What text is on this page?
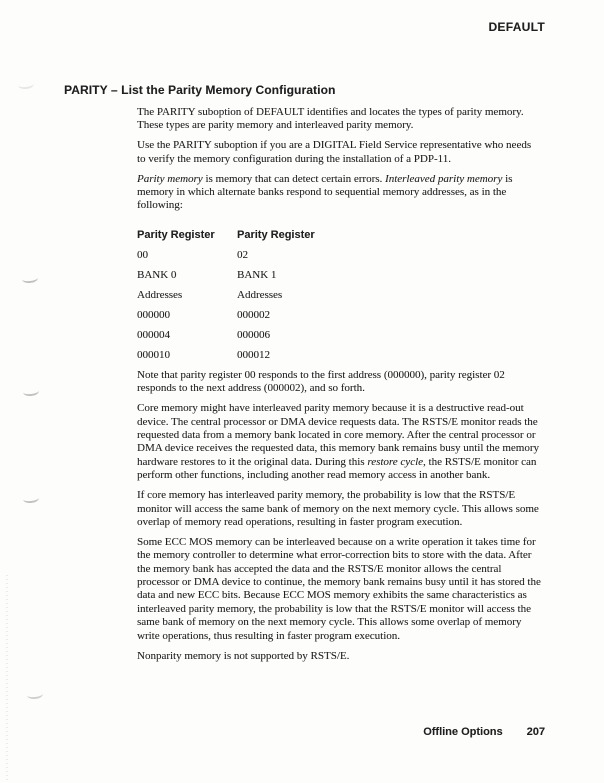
DEFAULT
PARITY – List the Parity Memory Configuration

The PARITY suboption of DEFAULT identifies and locates the types of parity memory. These types are parity memory and interleaved parity memory.

Use the PARITY suboption if you are a DIGITAL Field Service representative who needs to verify the memory configuration during the installation of a PDP-11.

Parity memory is memory that can detect certain errors. Interleaved parity memory is memory in which alternate banks respond to sequential memory addresses, as in the following:

Parity Register	Parity Register
00	02
BANK 0	BANK 1
Addresses	Addresses
000000	000002
000004	000006
000010	000012

Note that parity register 00 responds to the first address (000000), parity register 02 responds to the next address (000002), and so forth.

Core memory might have interleaved parity memory because it is a destructive read-out device. The central processor or DMA device requests data. The RSTS/E monitor reads the requested data from a memory bank located in core memory. After the central processor or DMA device receives the requested data, this memory bank remains busy until the memory hardware restores to it the original data. During this restore cycle, the RSTS/E monitor can perform other functions, including another read memory access in another bank.

If core memory has interleaved parity memory, the probability is low that the RSTS/E monitor will access the same bank of memory on the next memory cycle. This allows some overlap of memory read operations, resulting in faster program execution.

Some ECC MOS memory can be interleaved because on a write operation it takes time for the memory controller to determine what error-correction bits to store with the data. After the memory bank has accepted the data and the RSTS/E monitor allows the central processor or DMA device to continue, the memory bank remains busy until it has stored the data and new ECC bits. Because ECC MOS memory exhibits the same characteristics as interleaved parity memory, the probability is low that the RSTS/E monitor will access the same bank of memory on the next memory cycle. This allows some overlap of memory write operations, thus resulting in faster program execution.

Nonparity memory is not supported by RSTS/E.

Offline Options 207
